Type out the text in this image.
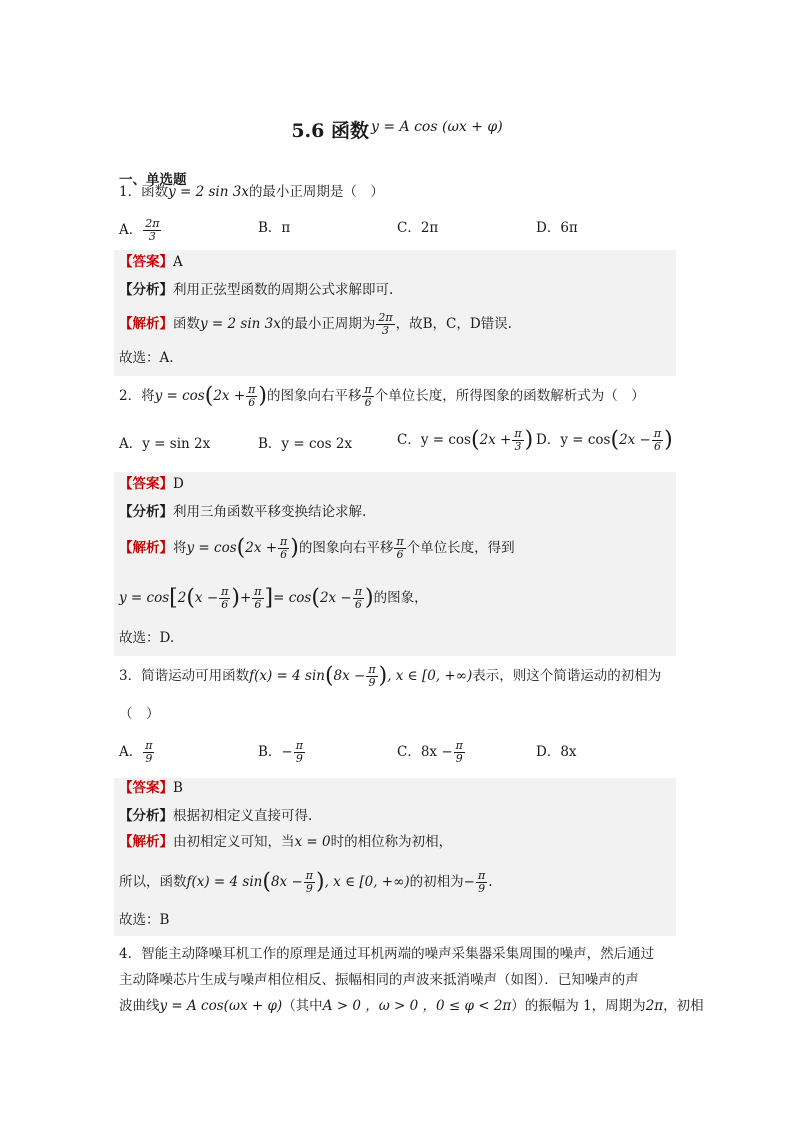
5.6 函数 $^{y = A cos (\omega x + \varphi)}$
一、单选题
1．函数y = 2 sin 3x的最小正周期是（　）
A． $\frac{2\pi}{3}$	B．π	C．2π	D．6π
【答案】A
【分析】利用正弦型函数的周期公式求解即可.
【解析】函数y = 2 sin 3x的最小正周期为 $\frac{2\pi}{3}$ ，故B，C，D错误.
故选：A.
2．将$y = \cos(2x + \frac{\pi}{6}$ )的图象向右平移 $\frac{\pi}{6}$ 个单位长度，所得图象的函数解析式为（　）
A．y = sin 2x	B．y = cos 2x	C．$y = \cos(2x + \frac{\pi}{3}$ ) D．$y = \cos(2x - \frac{\pi}{6}$ )
【答案】D
【分析】利用三角函数平移变换结论求解.
【解析】将$y = \cos(2x + \frac{\pi}{6}$ )的图象向右平移 $\frac{\pi}{6}$ 个单位长度，得到
$y = \cos[2(x - \frac{\pi}{6}$ )+ $\frac{\pi}{6}$ ]= $\cos(2x - \frac{\pi}{6}$ )的图象，
故选：D.
3．简谐运动可用函数f(x) = 4 $\sin(8x - \frac{\pi}{9}$ ), x ∈ [0, +∞)表示，则这个简谐运动的初相为
（　）
A． $\frac{\pi}{9}$	B．− $\frac{\pi}{9}$	C．$8x - \frac{\pi}{9}$	D．8x
【答案】B
【分析】根据初相定义直接可得.
【解析】由初相定义可知，当x = 0时的相位称为初相，
所以，函数f(x) = 4 $\sin(8x - \frac{\pi}{9}$ ), x ∈ [0, +∞)的初相为− $\frac{\pi}{9}$ .
故选：B
4．智能主动降噪耳机工作的原理是通过耳机两端的噪声采集器采集周围的噪声，然后通过
主动降噪芯片生成与噪声相位相反、振幅相同的声波来抵消噪声（如图）．已知噪声的声
波曲线y = A cos(ωx + φ)（其中A > 0 ，ω > 0 ，0 ≤ φ < 2π）的振幅为 1，周期为2π，初相
